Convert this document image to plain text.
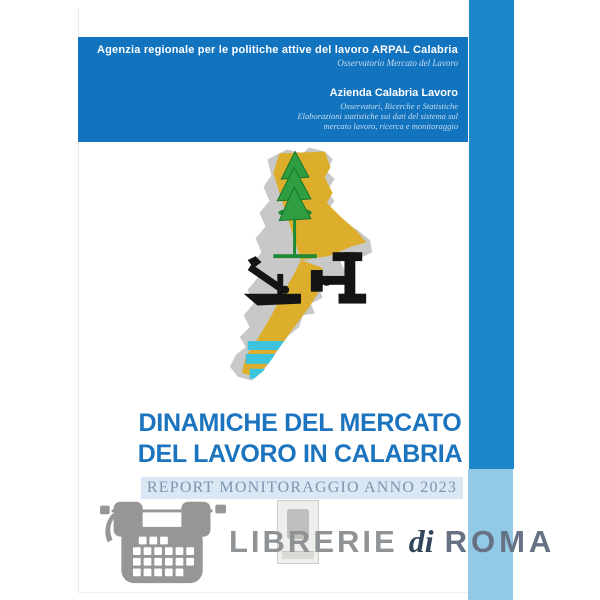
Agenzia regionale per le politiche attive del lavoro ARPAL Calabria
Osservatorio Mercato del Lavoro
Azienda Calabria Lavoro
Osservatori, Ricerche e Statistiche
Elaborazioni statistiche sui dati del sistema sul
mercato lavoro, ricerca e monitoraggio
DINAMICHE DEL MERCATO
DEL LAVORO IN CALABRIA
REPORT MONITORAGGIO ANNO 2023
LIBRERIE di ROMA
